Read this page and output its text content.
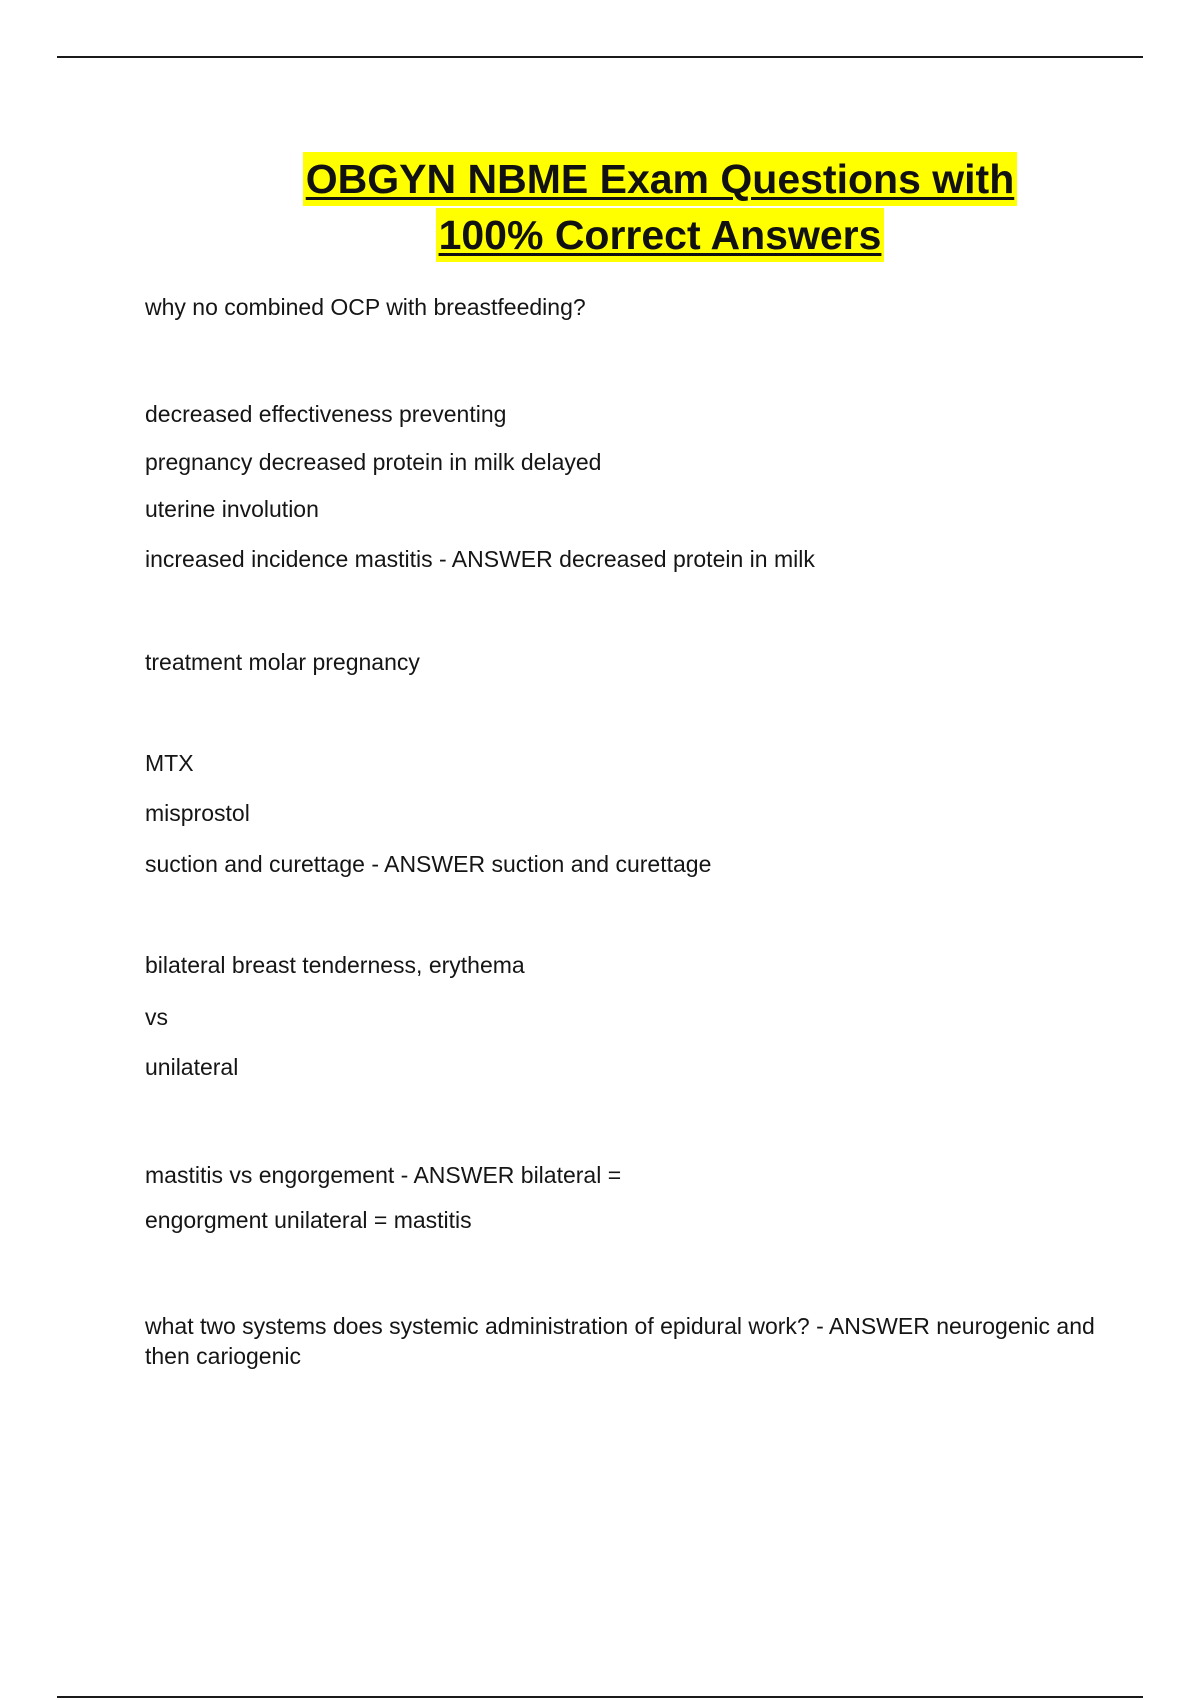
OBGYN NBME Exam Questions with
100% Correct Answers
why no combined OCP with breastfeeding?
decreased effectiveness preventing
pregnancy decreased protein in milk delayed
uterine involution
increased incidence mastitis - ANSWER decreased protein in milk
treatment molar pregnancy
MTX
misprostol
suction and curettage - ANSWER suction and curettage
bilateral breast tenderness, erythema
vs
unilateral
mastitis vs engorgement - ANSWER bilateral =
engorgment unilateral = mastitis
what two systems does systemic administration of epidural work? - ANSWER neurogenic and then cariogenic
